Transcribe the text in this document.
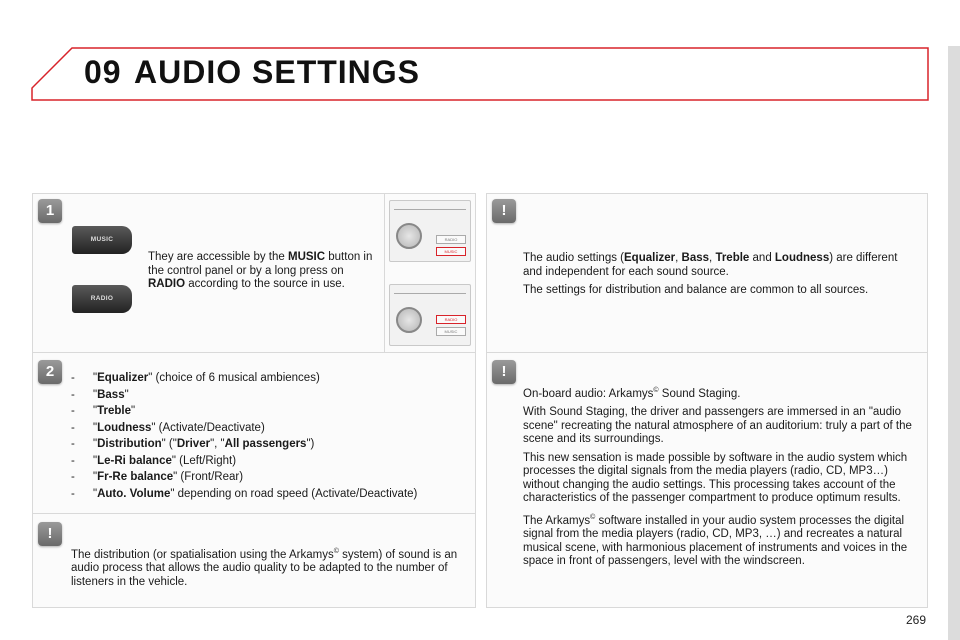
09 AUDIO SETTINGS
1
MUSIC
RADIO
They are accessible by the MUSIC button in the control panel or by a long press on RADIO according to the source in use.
RADIO
MUSIC
RADIO
MUSIC
2	- "Equalizer" (choice of 6 musical ambiences)
- "Bass"
- "Treble"
- "Loudness" (Activate/Deactivate)
- "Distribution" ("Driver", "All passengers")
- "Le-Ri balance" (Left/Right)
- "Fr-Re balance" (Front/Rear)
- "Auto. Volume" depending on road speed (Activate/Deactivate)
!
The distribution (or spatialisation using the Arkamys© system) of sound is an audio process that allows the audio quality to be adapted to the number of listeners in the vehicle.
!

The audio settings (Equalizer, Bass, Treble and Loudness) are different and independent for each sound source.

The settings for distribution and balance are common to all sources.

!

On-board audio: Arkamys© Sound Staging.

With Sound Staging, the driver and passengers are immersed in an "audio scene" recreating the natural atmosphere of an auditorium: truly a part of the scene and its surroundings.

This new sensation is made possible by software in the audio system which processes the digital signals from the media players (radio, CD, MP3…) without changing the audio settings. This processing takes account of the characteristics of the passenger compartment to produce optimum results.

The Arkamys© software installed in your audio system processes the digital signal from the media players (radio, CD, MP3, …) and recreates a natural musical scene, with harmonious placement of instruments and voices in the space in front of passengers, level with the windscreen.

269
